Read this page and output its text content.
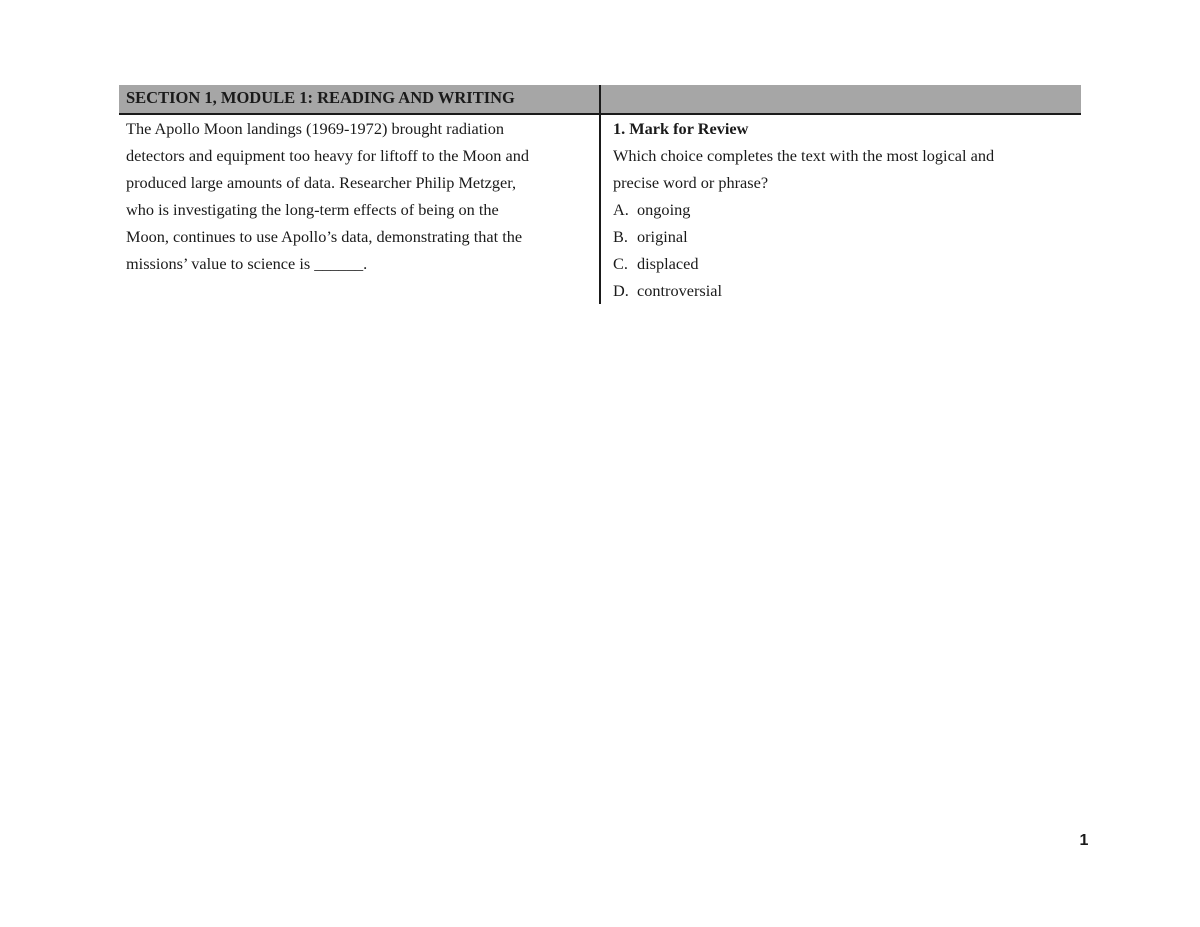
SECTION 1, MODULE 1: READING AND WRITING
The Apollo Moon landings (1969-1972) brought radiation
detectors and equipment too heavy for liftoff to the Moon and
produced large amounts of data. Researcher Philip Metzger,
who is investigating the long-term effects of being on the
Moon, continues to use Apollo’s data, demonstrating that the
missions’ value to science is ______.
1. Mark for Review
Which choice completes the text with the most logical and
precise word or phrase?
A. ongoing
B. original
C. displaced
D. controversial
1
